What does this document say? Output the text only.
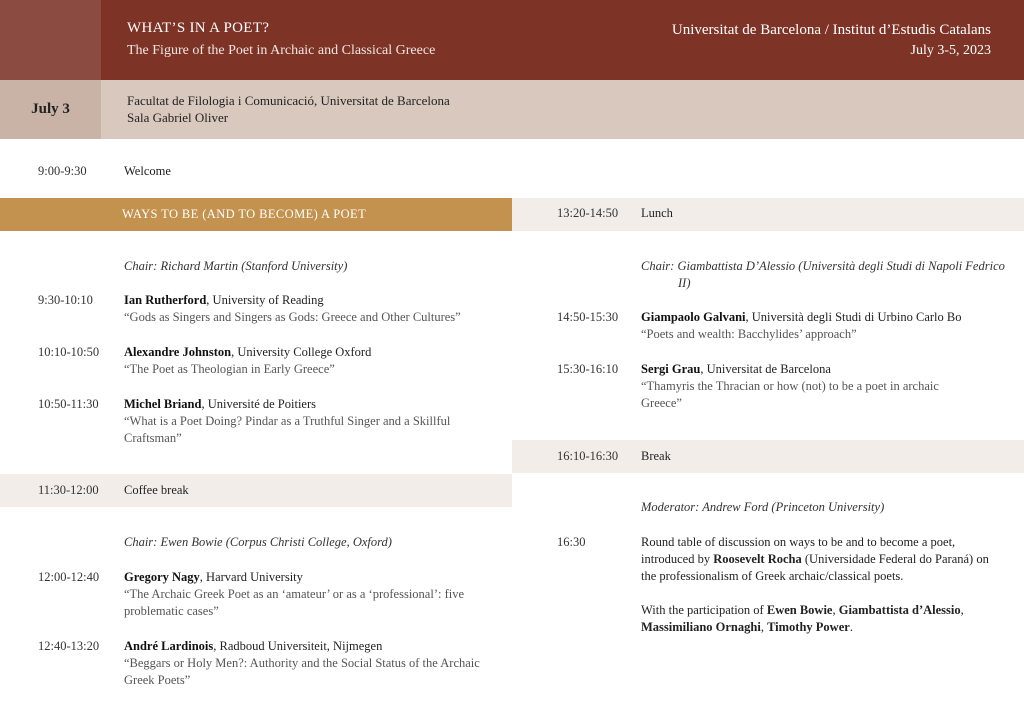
WHAT’S IN A POET?
The Figure of the Poet in Archaic and Classical Greece
Universitat de Barcelona / Institut d’Estudis Catalans
July 3-5, 2023
July 3
Facultat de Filologia i Comunicació, Universitat de Barcelona
Sala Gabriel Oliver
9:00-9:30	Welcome
WAYS TO BE (AND TO BECOME) A POET
Chair: Richard Martin (Stanford University)
9:30-10:10 Ian Rutherford, University of Reading
“Gods as Singers and Singers as Gods: Greece and Other Cultures”
10:10-10:50 Alexandre Johnston, University College Oxford
“The Poet as Theologian in Early Greece”
10:50-11:30 Michel Briand, Université de Poitiers
“What is a Poet Doing? Pindar as a Truthful Singer and a Skillful Craftsman”
11:30-12:00 Coffee break
Chair: Ewen Bowie (Corpus Christi College, Oxford)
12:00-12:40 Gregory Nagy, Harvard University
“The Archaic Greek Poet as an ‘amateur’ or as a ‘professional’: five problematic cases”
12:40-13:20 André Lardinois, Radboud Universiteit, Nijmegen
“Beggars or Holy Men?: Authority and the Social Status of the Archaic Greek Poets”
13:20-14:50 Lunch
Chair: Giambattista D’Alessio (Università degli Studi di Napoli Fedrico II)
14:50-15:30 Giampaolo Galvani, Università degli Studi di Urbino Carlo Bo
“Poets and wealth: Bacchylides’ approach”
15:30-16:10 Sergi Grau, Universitat de Barcelona
“Thamyris the Thracian or how (not) to be a poet in archaic Greece”
16:10-16:30 Break
Moderator: Andrew Ford (Princeton University)
16:30	Round table of discussion on ways to be and to become a poet, introduced by Roosevelt Rocha (Universidade Federal do Paraná) on the professionalism of Greek archaic/classical poets.
With the participation of Ewen Bowie, Giambattista d’Alessio, Massimiliano Ornaghi, Timothy Power.
